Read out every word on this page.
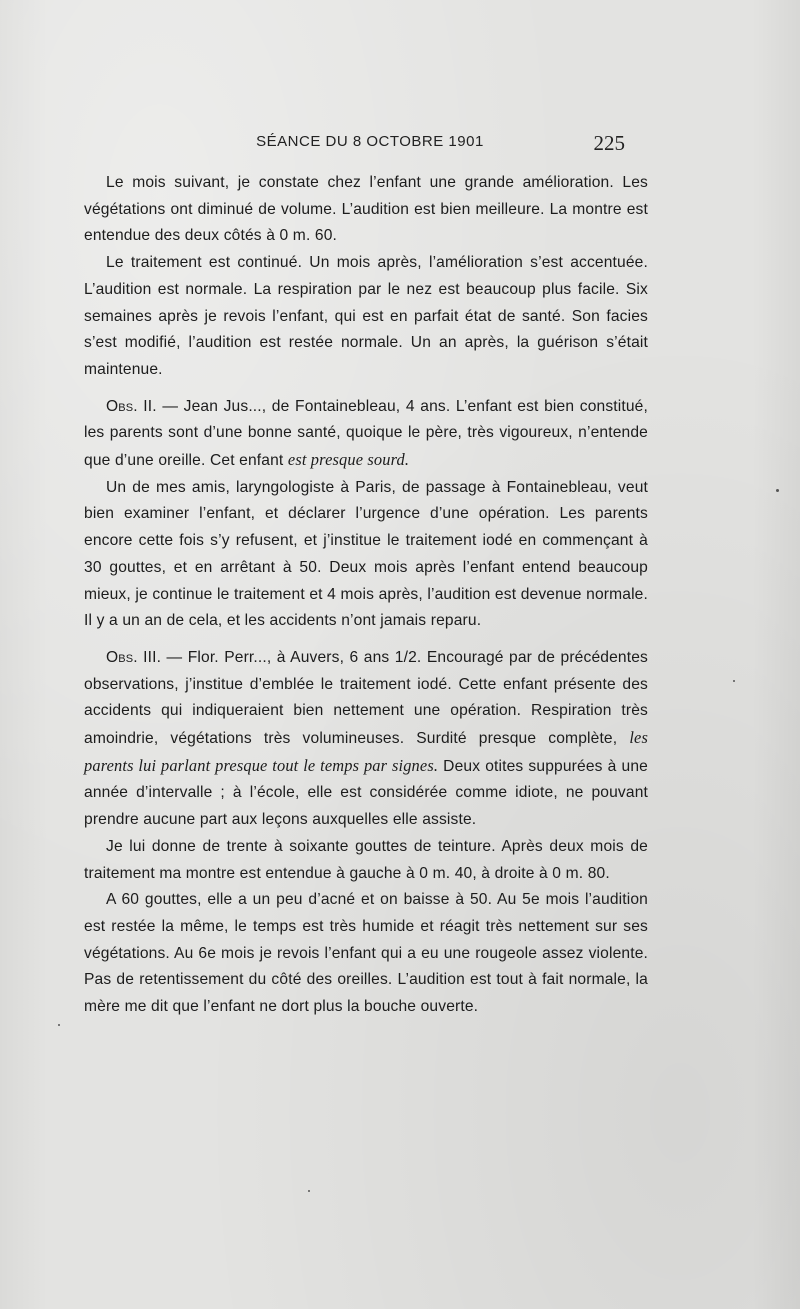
SÉANCE DU 8 OCTOBRE 1901	225

Le mois suivant, je constate chez l’enfant une grande amélioration. Les végétations ont diminué de volume. L’audition est bien meilleure. La montre est entendue des deux côtés à 0 m. 60.

Le traitement est continué. Un mois après, l’amélioration s’est accentuée. L’audition est normale. La respiration par le nez est beaucoup plus facile. Six semaines après je revois l’enfant, qui est en parfait état de santé. Son facies s’est modifié, l’audition est restée normale. Un an après, la guérison s’était maintenue.

Obs. II. — Jean Jus..., de Fontainebleau, 4 ans. L’enfant est bien constitué, les parents sont d’une bonne santé, quoique le père, très vigoureux, n’entende que d’une oreille. Cet enfant est presque sourd.

Un de mes amis, laryngologiste à Paris, de passage à Fontainebleau, veut bien examiner l’enfant, et déclarer l’urgence d’une opération. Les parents encore cette fois s’y refusent, et j’institue le traitement iodé en commençant à 30 gouttes, et en arrêtant à 50. Deux mois après l’enfant entend beaucoup mieux, je continue le traitement et 4 mois après, l’audition est devenue normale. Il y a un an de cela, et les accidents n’ont jamais reparu.

Obs. III. — Flor. Perr..., à Auvers, 6 ans 1/2. Encouragé par de précédentes observations, j’institue d’emblée le traitement iodé. Cette enfant présente des accidents qui indiqueraient bien nettement une opération. Respiration très amoindrie, végétations très volumineuses. Surdité presque complète, les parents lui parlant presque tout le temps par signes. Deux otites suppurées à une année d’intervalle ; à l’école, elle est considérée comme idiote, ne pouvant prendre aucune part aux leçons auxquelles elle assiste.

Je lui donne de trente à soixante gouttes de teinture. Après deux mois de traitement ma montre est entendue à gauche à 0 m. 40, à droite à 0 m. 80.

A 60 gouttes, elle a un peu d’acné et on baisse à 50. Au 5e mois l’audition est restée la même, le temps est très humide et réagit très nettement sur ses végétations. Au 6e mois je revois l’enfant qui a eu une rougeole assez violente. Pas de retentissement du côté des oreilles. L’audition est tout à fait normale, la mère me dit que l’enfant ne dort plus la bouche ouverte.
